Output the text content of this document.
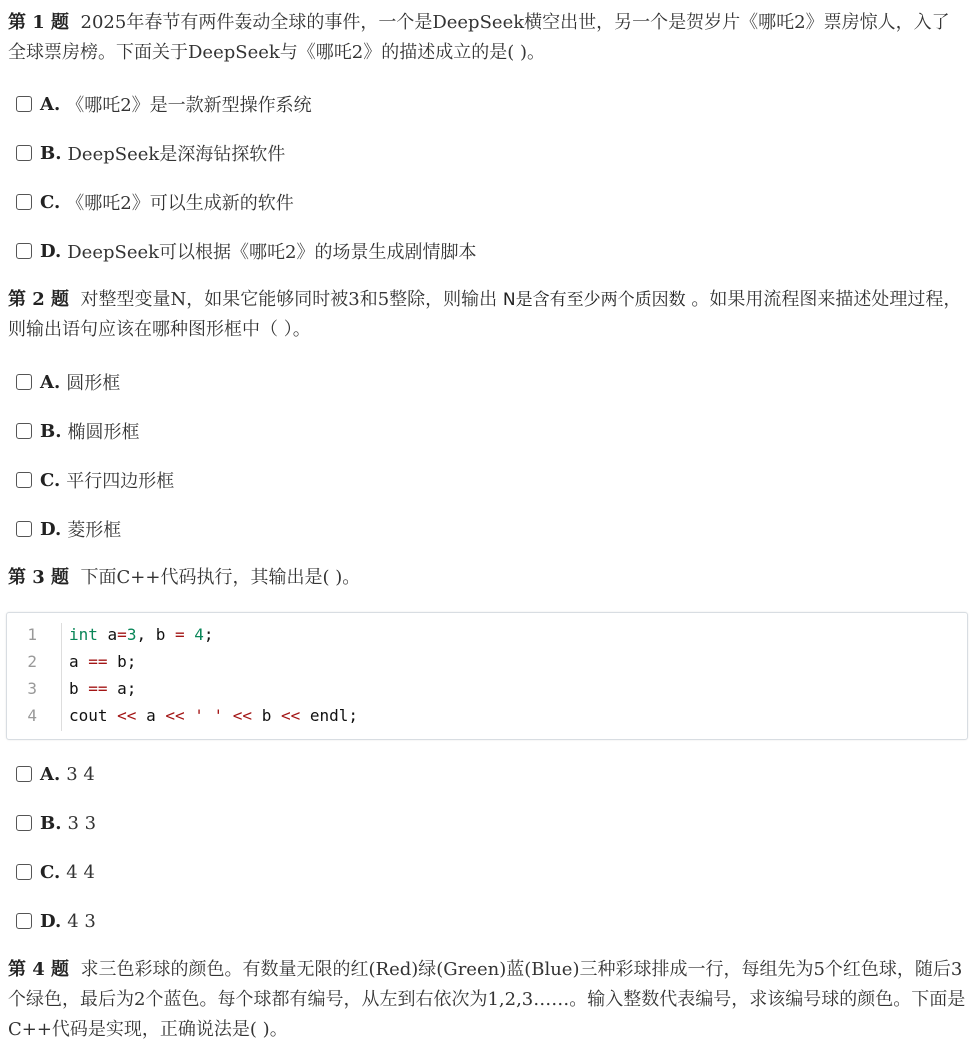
第 1 题 2025年春节有两件轰动全球的事件，一个是DeepSeek横空出世，另一个是贺岁片《哪吒2》票房惊人，入了全球票房榜。下面关于DeepSeek与《哪吒2》的描述成立的是( )。
A. 《哪吒2》是一款新型操作系统
B. DeepSeek是深海钻探软件
C. 《哪吒2》可以生成新的软件
D. DeepSeek可以根据《哪吒2》的场景生成剧情脚本
第 2 题 对整型变量N，如果它能够同时被3和5整除，则输出 N是含有至少两个质因数 。如果用流程图来描述处理过程，则输出语句应该在哪种图形框中（ ）。
A. 圆形框
B. 椭圆形框
C. 平行四边形框
D. 菱形框
第 3 题 下面C++代码执行，其输出是( )。
1	int a=3, b = 4;
2	a == b;
3	b == a;
4	cout << a << ' ' << b << endl;
A. 3 4
B. 3 3
C. 4 4
D. 4 3
第 4 题 求三色彩球的颜色。有数量无限的红(Red)绿(Green)蓝(Blue)三种彩球排成一行，每组先为5个红色球，随后3个绿色，最后为2个蓝色。每个球都有编号，从左到右依次为1,2,3……。输入整数代表编号，求该编号球的颜色。下面是C++代码是实现，正确说法是( )。
